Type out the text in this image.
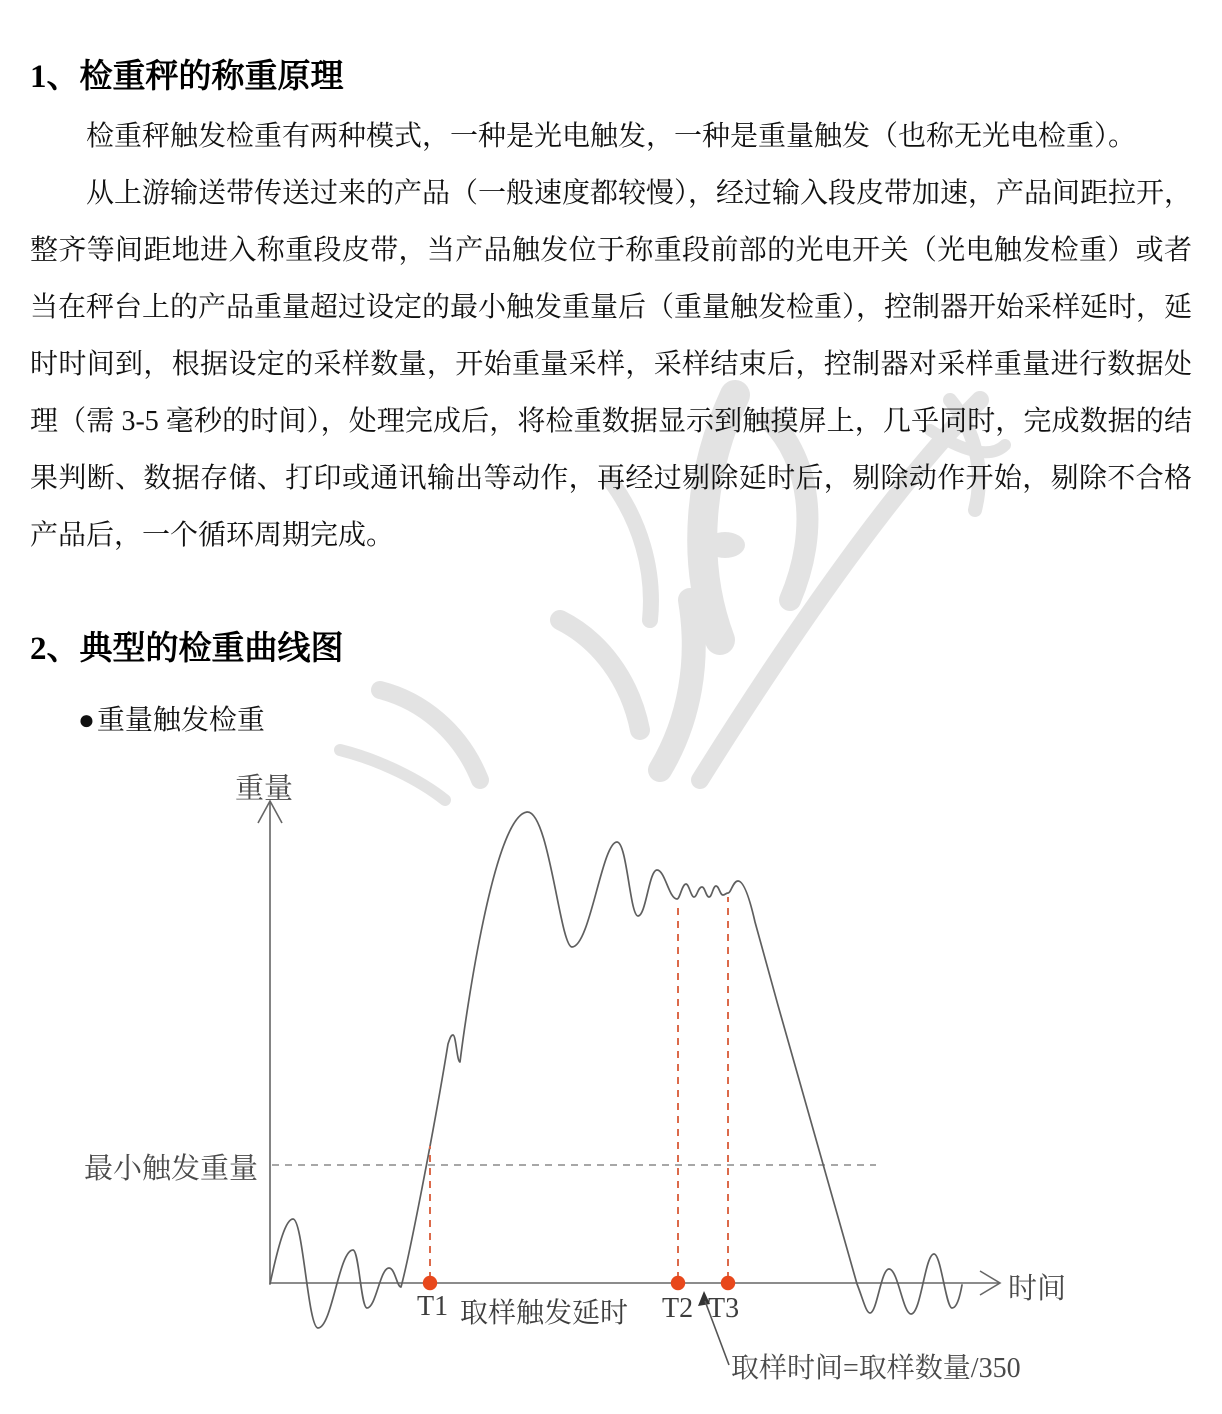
1、检重秤的称重原理

检重秤触发检重有两种模式，一种是光电触发，一种是重量触发（也称无光电检重）。

从上游输送带传送过来的产品（一般速度都较慢），经过输入段皮带加速，产品间距拉开，整齐等间距地进入称重段皮带，当产品触发位于称重段前部的光电开关（光电触发检重）或者当在秤台上的产品重量超过设定的最小触发重量后（重量触发检重），控制器开始采样延时，延时时间到，根据设定的采样数量，开始重量采样，采样结束后，控制器对采样重量进行数据处理（需 3-5 毫秒的时间），处理完成后，将检重数据显示到触摸屏上，几乎同时，完成数据的结果判断、数据存储、打印或通讯输出等动作，再经过剔除延时后，剔除动作开始，剔除不合格产品后，一个循环周期完成。

2、典型的检重曲线图
●重量触发检重
重量
最小触发重量
T1 取样触发延时 T2 T3
时间
取样时间=取样数量/350
